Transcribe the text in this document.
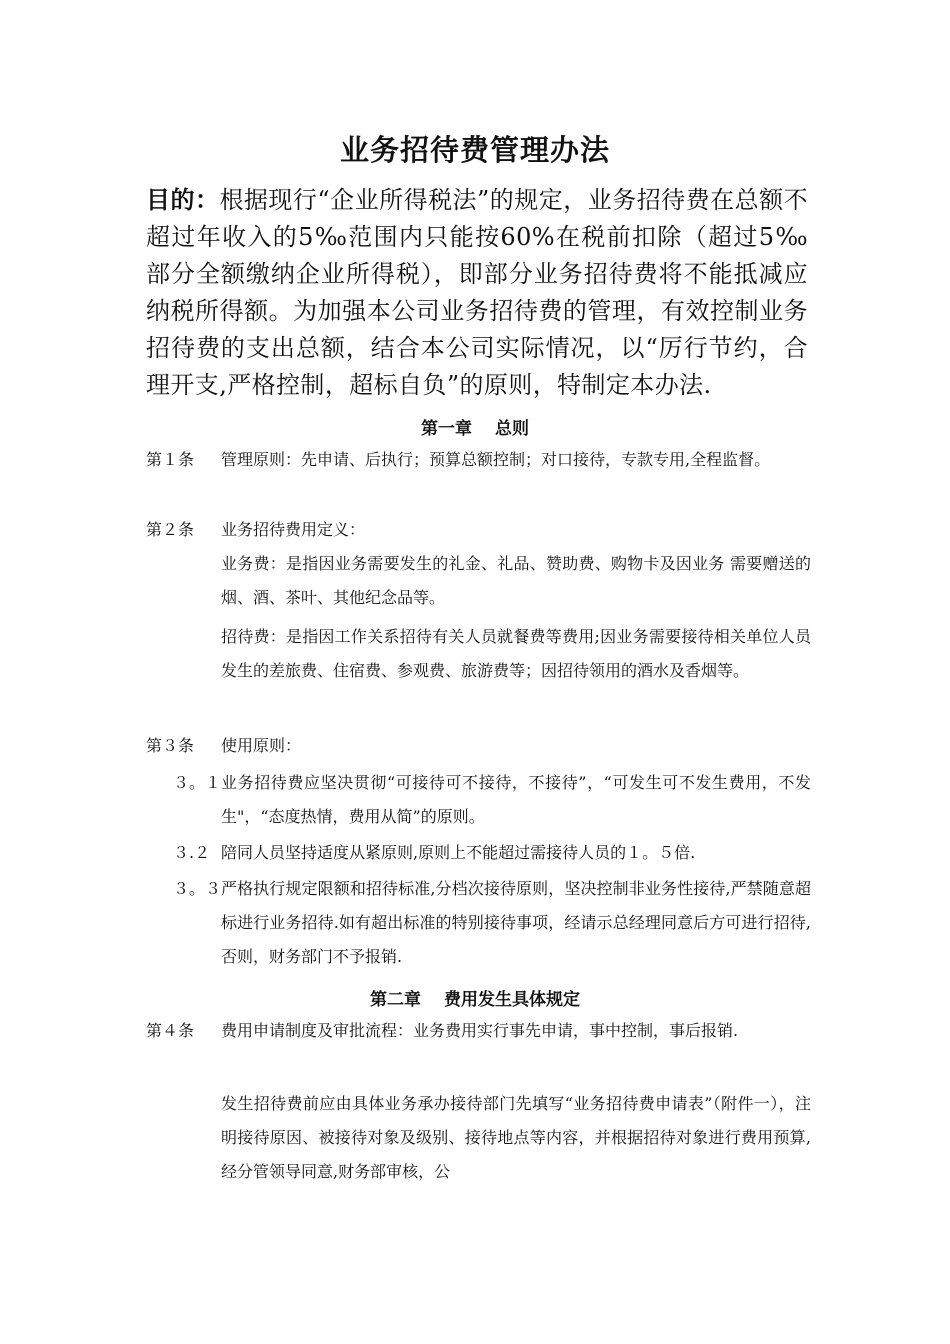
业务招待费管理办法
目的：根据现行“企业所得税法”的规定，业务招待费在总额不超过年收入的5‰范围内只能按60%在税前扣除（超过5‰部分全额缴纳企业所得税），即部分业务招待费将不能抵减应纳税所得额。为加强本公司业务招待费的管理，有效控制业务招待费的支出总额，结合本公司实际情况，以“厉行节约，合理开支,严格控制，超标自负”的原则，特制定本办法.
第一章　 总则
第１条 管理原则：先申请、后执行；预算总额控制；对口接待，专款专用,全程监督。
第２条 业务招待费用定义：
业务费：是指因业务需要发生的礼金、礼品、赞助费、购物卡及因业务 需要赠送的烟、酒、茶叶、其他纪念品等。
招待费：是指因工作关系招待有关人员就餐费等费用;因业务需要接待相关单位人员发生的差旅费、住宿费、参观费、旅游费等；因招待领用的酒水及香烟等。
第３条 使用原则：
３。１ 业务招待费应坚决贯彻“可接待可不接待，不接待”，“可发生可不发生费用，不发生"，“态度热情，费用从简”的原则。
３.２ 陪同人员坚持适度从紧原则,原则上不能超过需接待人员的１。５倍.
３。３ 严格执行规定限额和招待标准,分档次接待原则，坚决控制非业务性接待,严禁随意超标进行业务招待.如有超出标准的特别接待事项，经请示总经理同意后方可进行招待,否则，财务部门不予报销.
第二章　 费用发生具体规定
第４条 费用申请制度及审批流程：业务费用实行事先申请，事中控制，事后报销.
发生招待费前应由具体业务承办接待部门先填写“业务招待费申请表”（附件一），注明接待原因、被接待对象及级别、接待地点等内容，并根据招待对象进行费用预算,经分管领导同意,财务部审核，公
